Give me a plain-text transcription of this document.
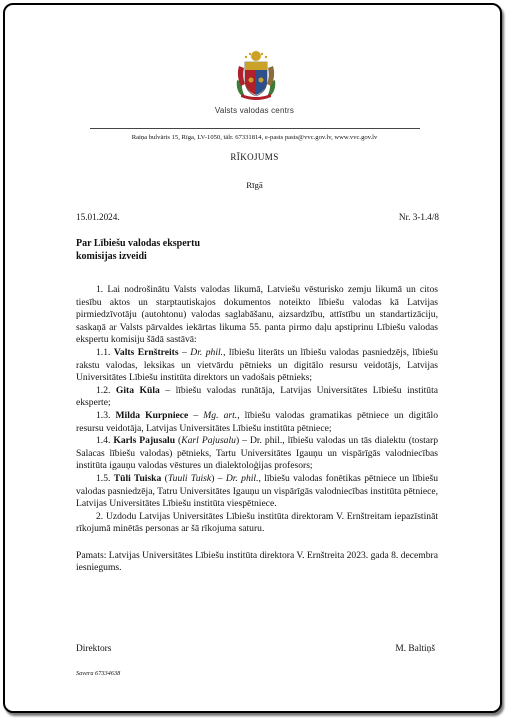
Valsts valodas centrs
Raiņa bulvāris 15, Rīga, LV-1050, tālr. 67331814, e-pasts pasts@vvc.gov.lv, www.vvc.gov.lv
RĪKOJUMS
Rīgā
15.01.2024.	Nr. 3-1.4/8
Par Lībiešu valodas ekspertu
komisijas izveidi

1. Lai nodrošinātu Valsts valodas likumā, Latviešu vēsturisko zemju likumā un citos tiesību aktos un starptautiskajos dokumentos noteikto lībiešu valodas kā Latvijas pirmiedzīvotāju (autohtonu) valodas saglabāšanu, aizsardzību, attīstību un standartizāciju, saskaņā ar Valsts pārvaldes iekārtas likuma 55. panta pirmo daļu apstiprinu Lībiešu valodas ekspertu komisiju šādā sastāvā:

1.1. Valts Ernštreits – Dr. phil., lībiešu literāts un lībiešu valodas pasniedzējs, lībiešu rakstu valodas, leksikas un vietvārdu pētnieks un digitālo resursu veidotājs, Latvijas Universitātes Lībiešu institūta direktors un vadošais pētnieks;

1.2. Gita Kūla – lībiešu valodas runātāja, Latvijas Universitātes Lībiešu institūta eksperte;

1.3. Milda Kurpniece – Mg. art., lībiešu valodas gramatikas pētniece un digitālo resursu veidotāja, Latvijas Universitātes Lībiešu institūta pētniece;

1.4. Karls Pajusalu (Karl Pajusalu) – Dr. phil., lībiešu valodas un tās dialektu (tostarp Salacas lībiešu valodas) pētnieks, Tartu Universitātes Igauņu un vispārīgās valodniecības institūta igauņu valodas vēstures un dialektoloģijas profesors;

1.5. Tūli Tuiska (Tuuli Tuisk) – Dr. phil., lībiešu valodas fonētikas pētniece un lībiešu valodas pasniedzēja, Tatru Universitātes Igauņu un vispārīgās valodniecības institūta pētniece, Latvijas Universitātes Lībiešu institūta viespētniece.

2. Uzdodu Latvijas Universitātes Lībiešu institūta direktoram V. Ernštreitam iepazīstināt rīkojumā minētās personas ar šā rīkojuma saturu.

Pamats: Latvijas Universitātes Lībiešu institūta direktora V. Ernštreita 2023. gada 8. decembra iesniegums.

Direktors	M. Baltiņš
Savera 67334638
